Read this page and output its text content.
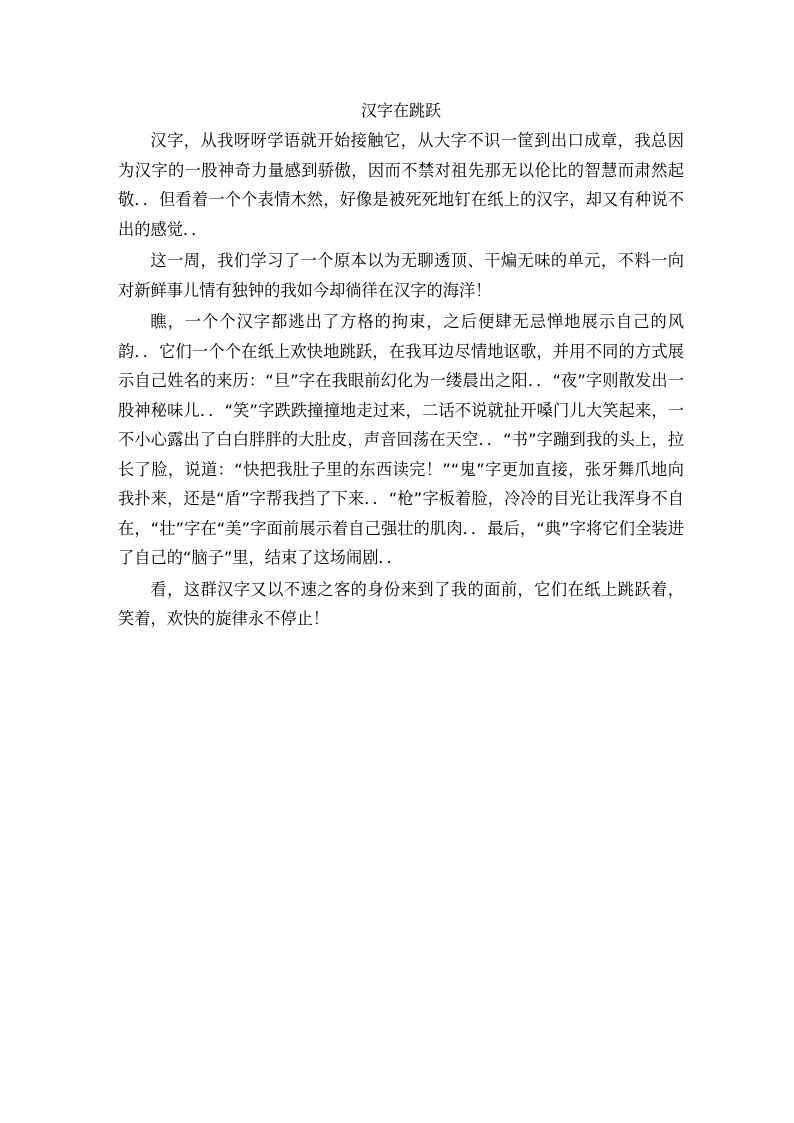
汉字在跳跃

汉字，从我呀呀学语就开始接触它，从大字不识一筐到出口成章，我总因为汉字的一股神奇力量感到骄傲，因而不禁对祖先那无以伦比的智慧而肃然起敬．．但看着一个个表情木然，好像是被死死地钉在纸上的汉字，却又有种说不出的感觉．．

这一周，我们学习了一个原本以为无聊透顶、干煸无味的单元，不料一向对新鲜事儿情有独钟的我如今却徜徉在汉字的海洋！

瞧，一个个汉字都逃出了方格的拘束，之后便肆无忌惮地展示自己的风韵．．它们一个个在纸上欢快地跳跃，在我耳边尽情地讴歌，并用不同的方式展示自己姓名的来历：“旦”字在我眼前幻化为一缕晨出之阳．．“夜”字则散发出一股神秘味儿．．“笑”字跌跌撞撞地走过来，二话不说就扯开嗓门儿大笑起来，一不小心露出了白白胖胖的大肚皮，声音回荡在天空．．“书”字蹦到我的头上，拉长了脸，说道：“快把我肚子里的东西读完！”“鬼”字更加直接，张牙舞爪地向我扑来，还是“盾”字帮我挡了下来．．“枪”字板着脸，冷冷的目光让我浑身不自在，“壮”字在“美”字面前展示着自己强壮的肌肉．．最后，“典”字将它们全装进了自己的“脑子”里，结束了这场闹剧．．

看，这群汉字又以不速之客的身份来到了我的面前，它们在纸上跳跃着，笑着，欢快的旋律永不停止！
